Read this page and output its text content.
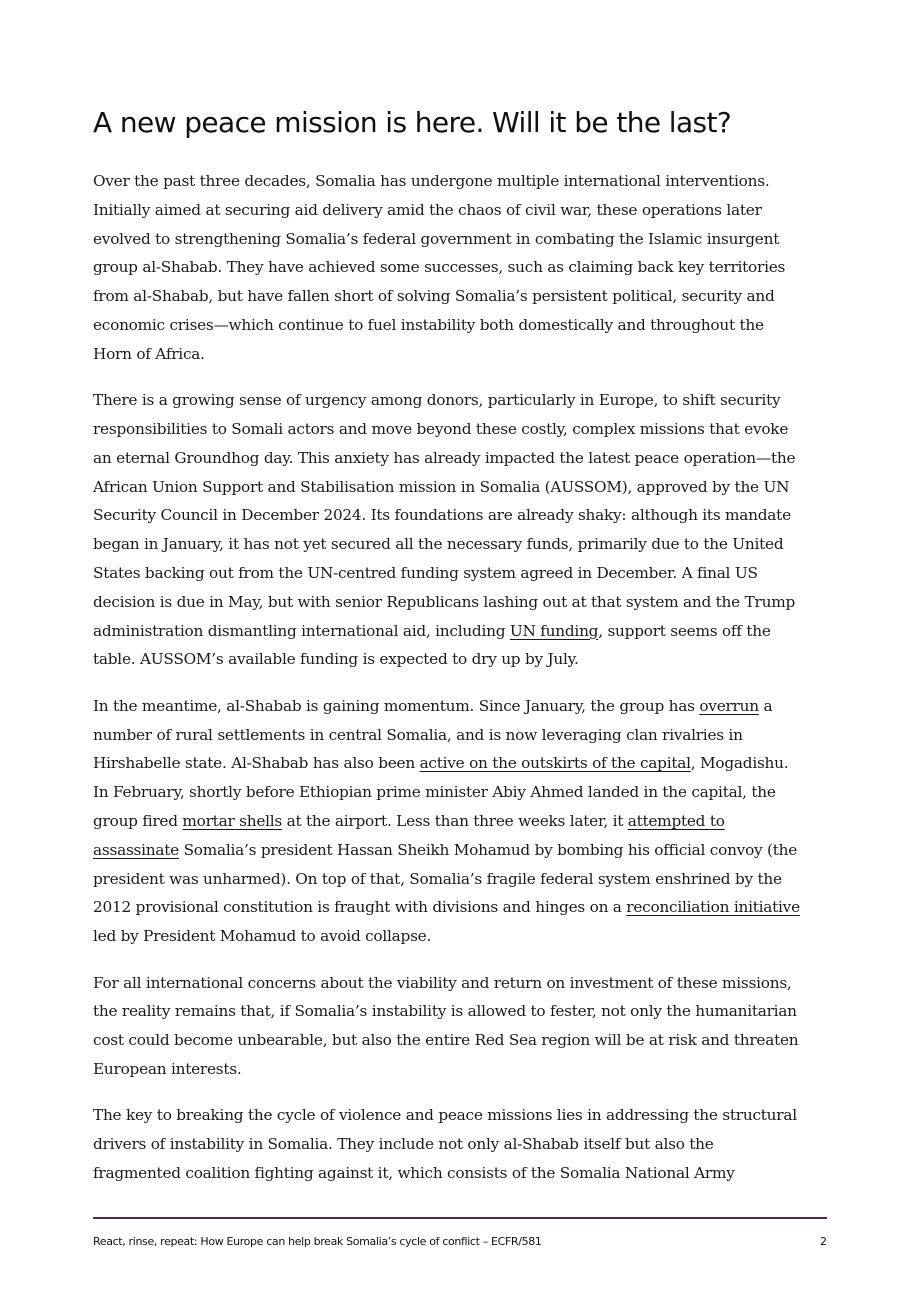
A new peace mission is here. Will it be the last?

Over the past three decades, Somalia has undergone multiple international interventions.
Initially aimed at securing aid delivery amid the chaos of civil war, these operations later
evolved to strengthening Somalia’s federal government in combating the Islamic insurgent
group al-Shabab. They have achieved some successes, such as claiming back key territories
from al-Shabab, but have fallen short of solving Somalia’s persistent political, security and
economic crises—which continue to fuel instability both domestically and throughout the
Horn of Africa.

There is a growing sense of urgency among donors, particularly in Europe, to shift security
responsibilities to Somali actors and move beyond these costly, complex missions that evoke
an eternal Groundhog day. This anxiety has already impacted the latest peace operation—the
African Union Support and Stabilisation mission in Somalia (AUSSOM), approved by the UN
Security Council in December 2024. Its foundations are already shaky: although its mandate
began in January, it has not yet secured all the necessary funds, primarily due to the United
States backing out from the UN-centred funding system agreed in December. A final US
decision is due in May, but with senior Republicans lashing out at that system and the Trump
administration dismantling international aid, including UN funding, support seems off the
table. AUSSOM’s available funding is expected to dry up by July.

In the meantime, al-Shabab is gaining momentum. Since January, the group has overrun a
number of rural settlements in central Somalia, and is now leveraging clan rivalries in
Hirshabelle state. Al-Shabab has also been active on the outskirts of the capital, Mogadishu.
In February, shortly before Ethiopian prime minister Abiy Ahmed landed in the capital, the
group fired mortar shells at the airport. Less than three weeks later, it attempted to
assassinate Somalia’s president Hassan Sheikh Mohamud by bombing his official convoy (the
president was unharmed). On top of that, Somalia’s fragile federal system enshrined by the
2012 provisional constitution is fraught with divisions and hinges on a reconciliation initiative
led by President Mohamud to avoid collapse.

For all international concerns about the viability and return on investment of these missions,
the reality remains that, if Somalia’s instability is allowed to fester, not only the humanitarian
cost could become unbearable, but also the entire Red Sea region will be at risk and threaten
European interests.

The key to breaking the cycle of violence and peace missions lies in addressing the structural
drivers of instability in Somalia. They include not only al-Shabab itself but also the
fragmented coalition fighting against it, which consists of the Somalia National Army

React, rinse, repeat: How Europe can help break Somalia’s cycle of conflict – ECFR/581	2
